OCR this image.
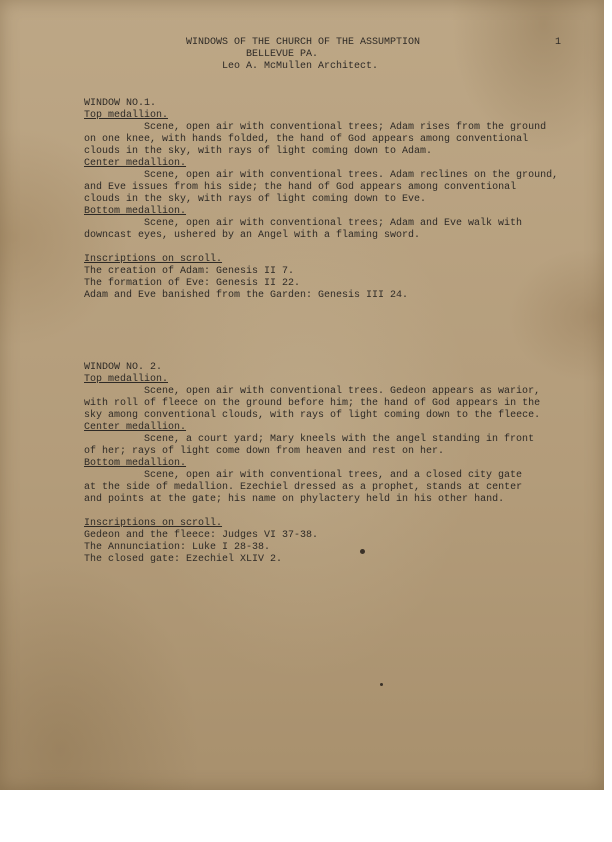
WINDOWS OF THE CHURCH OF THE ASSUMPTION

	1

BELLEVUE PA.

Leo A. McMullen Architect.

WINDOW NO.1.

Top medallion.

Scene, open air with conventional trees; Adam rises from the ground

on one knee, with hands folded, the hand of God appears among conventional

clouds in the sky, with rays of light coming down to Adam.

Center medallion.

Scene, open air with conventional trees. Adam reclines on the ground,

and Eve issues from his side; the hand of God appears among conventional

clouds in the sky, with rays of light coming down to Eve.

Bottom medallion.

Scene, open air with conventional trees; Adam and Eve walk with

downcast eyes, ushered by an Angel with a flaming sword.

Inscriptions on scroll.

The creation of Adam: Genesis II 7.

The formation of Eve: Genesis II 22.

Adam and Eve banished from the Garden: Genesis III 24.

WINDOW NO. 2.

Top medallion.

Scene, open air with conventional trees. Gedeon appears as warior,

with roll of fleece on the ground before him; the hand of God appears in the

sky among conventional clouds, with rays of light coming down to the fleece.

Center medallion.

Scene, a court yard; Mary kneels with the angel standing in front

of her; rays of light come down from heaven and rest on her.

Bottom medallion.

Scene, open air with conventional trees, and a closed city gate

at the side of medallion. Ezechiel dressed as a prophet, stands at center

and points at the gate; his name on phylactery held in his other hand.

Inscriptions on scroll.

Gedeon and the fleece: Judges VI 37-38.

The Annunciation: Luke I 28-38.

The closed gate: Ezechiel XLIV 2.
